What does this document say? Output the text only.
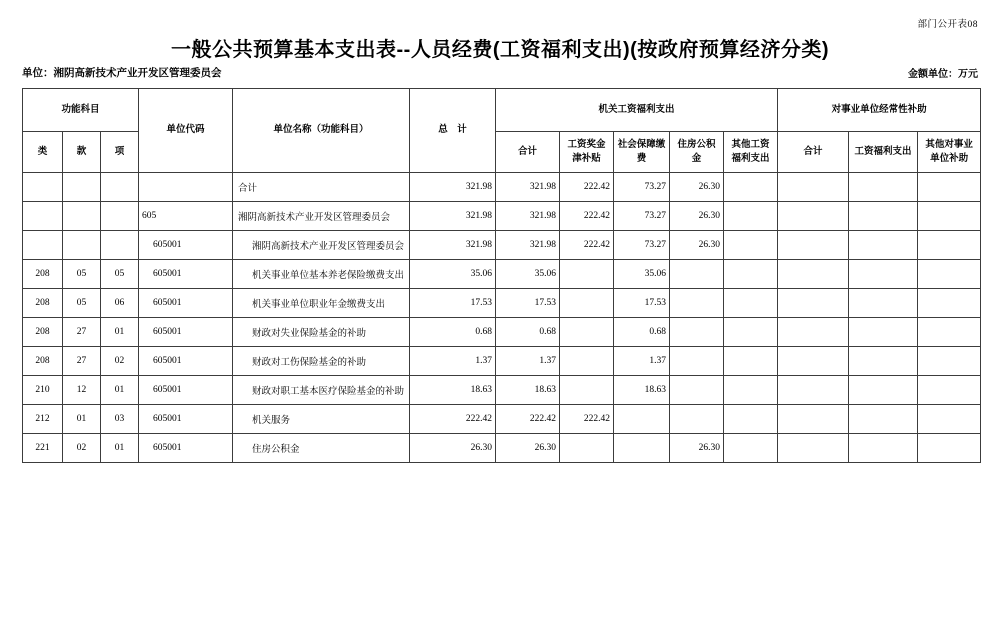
部门公开表08
一般公共预算基本支出表--人员经费(工资福利支出)(按政府预算经济分类)
单位：湘阴高新技术产业开发区管理委员会	金额单位：万元
功能科目			单位代码	单位名称（功能科目）	总　计	机关工资福利支出					对事业单位经常性补助		
类	款	项				合计	工资奖金津补贴	社会保障缴费	住房公积金	其他工资福利支出	合计	工资福利支出	其他对事业单位补助
				合计	321.98	321.98	222.42	73.27	26.30				
			605	湘阴高新技术产业开发区管理委员会	321.98	321.98	222.42	73.27	26.30				
			605001	湘阴高新技术产业开发区管理委员会	321.98	321.98	222.42	73.27	26.30				
208	05	05	605001	机关事业单位基本养老保险缴费支出	35.06	35.06		35.06					
208	05	06	605001	机关事业单位职业年金缴费支出	17.53	17.53		17.53					
208	27	01	605001	财政对失业保险基金的补助	0.68	0.68		0.68					
208	27	02	605001	财政对工伤保险基金的补助	1.37	1.37		1.37					
210	12	01	605001	财政对职工基本医疗保险基金的补助	18.63	18.63		18.63					
212	01	03	605001	机关服务	222.42	222.42	222.42						
221	02	01	605001	住房公积金	26.30	26.30			26.30				
